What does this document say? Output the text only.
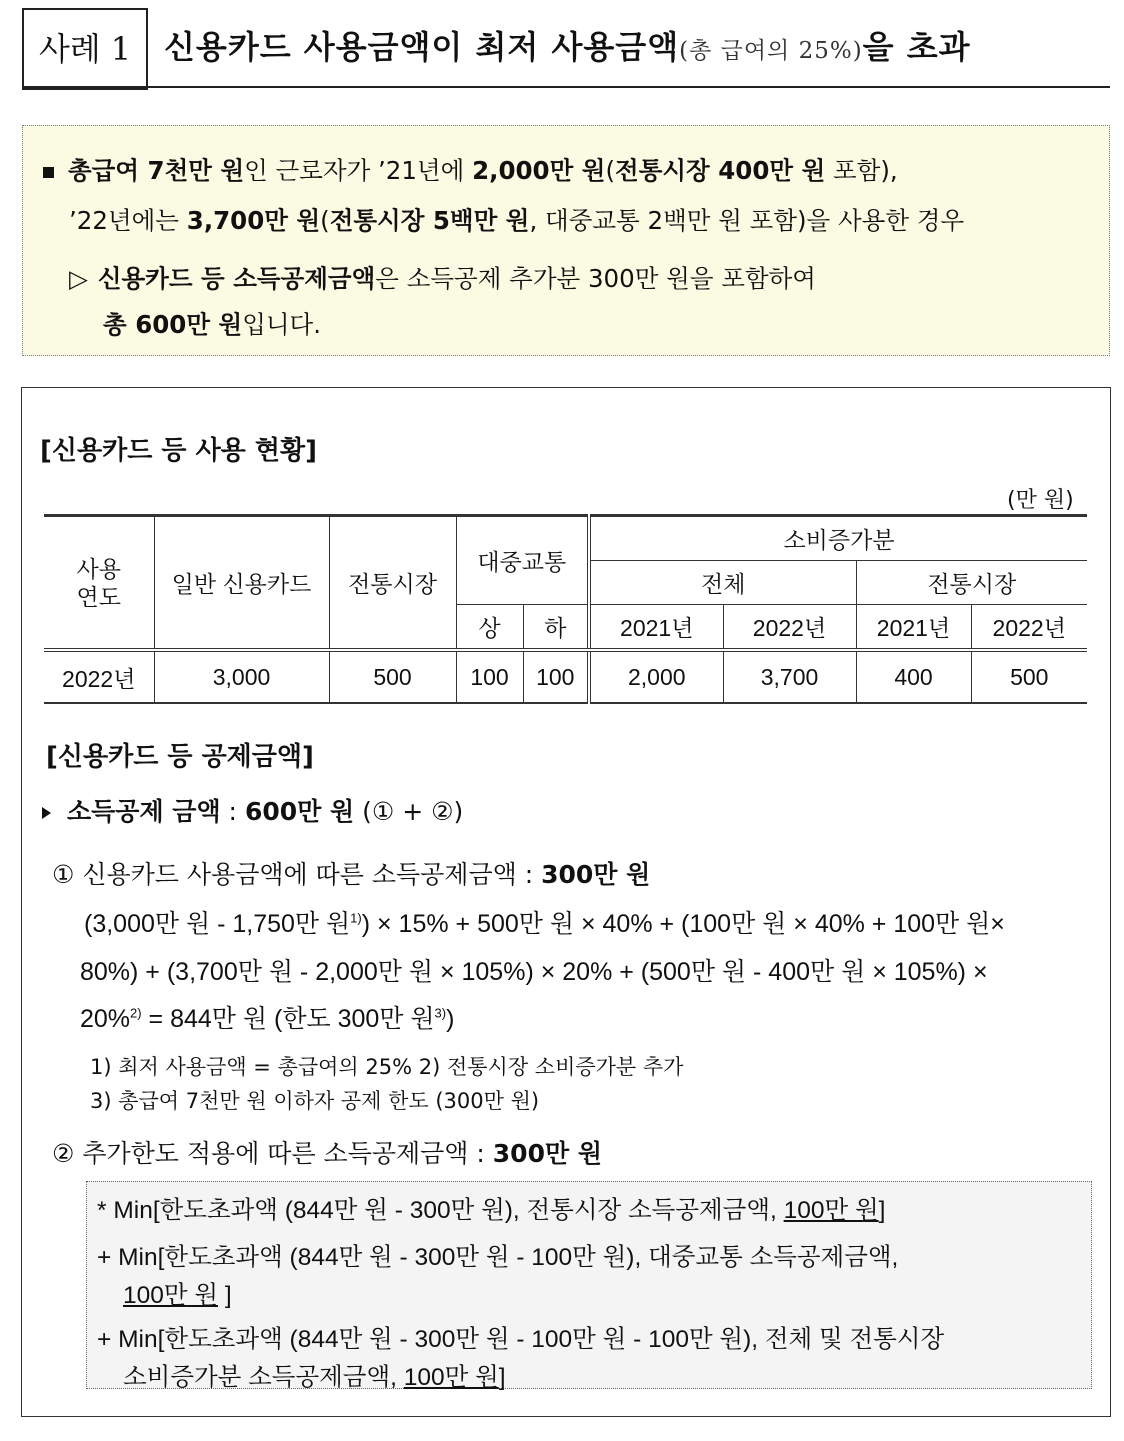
사례 1	신용카드 사용금액이 최저 사용금액(총 급여의 25%)을 초과
총급여 7천만 원인 근로자가 ’21년에 2,000만 원(전통시장 400만 원 포함),
’22년에는 3,700만 원(전통시장 5백만 원, 대중교통 2백만 원 포함)을 사용한 경우
▷ 신용카드 등 소득공제금액은 소득공제 추가분 300만 원을 포함하여
총 600만 원입니다.
[신용카드 등 사용 현황]
(만 원)
사용
연도	일반 신용카드	전통시장	대중교통		소비증가분			
					전체		전통시장	
			상	하	2021년	2022년	2021년	2022년
2022년	3,000	500	100	100	2,000	3,700	400	500
[신용카드 등 공제금액]
소득공제 금액 : 600만 원 (① + ②)
① 신용카드 사용금액에 따른 소득공제금액 : 300만 원
(3,000만 원 - 1,750만 원$^{1)}$) × 15% + 500만 원 × 40% + (100만 원 × 40% + 100만 원×
80%) + (3,700만 원 - 2,000만 원 × 105%) × 20% + (500만 원 - 400만 원 × 105%) ×
20%$^{2)}$ = 844만 원 (한도 300만 원$^{3)}$)
1) 최저 사용금액 = 총급여의 25% 2) 전통시장 소비증가분 추가
3) 총급여 7천만 원 이하자 공제 한도 (300만 원)
② 추가한도 적용에 따른 소득공제금액 : 300만 원
* Min[한도초과액 (844만 원 - 300만 원), 전통시장 소득공제금액, 100만 원]
+ Min[한도초과액 (844만 원 - 300만 원 - 100만 원), 대중교통 소득공제금액,
100만 원 ]
+ Min[한도초과액 (844만 원 - 300만 원 - 100만 원 - 100만 원), 전체 및 전통시장
소비증가분 소득공제금액, 100만 원]
